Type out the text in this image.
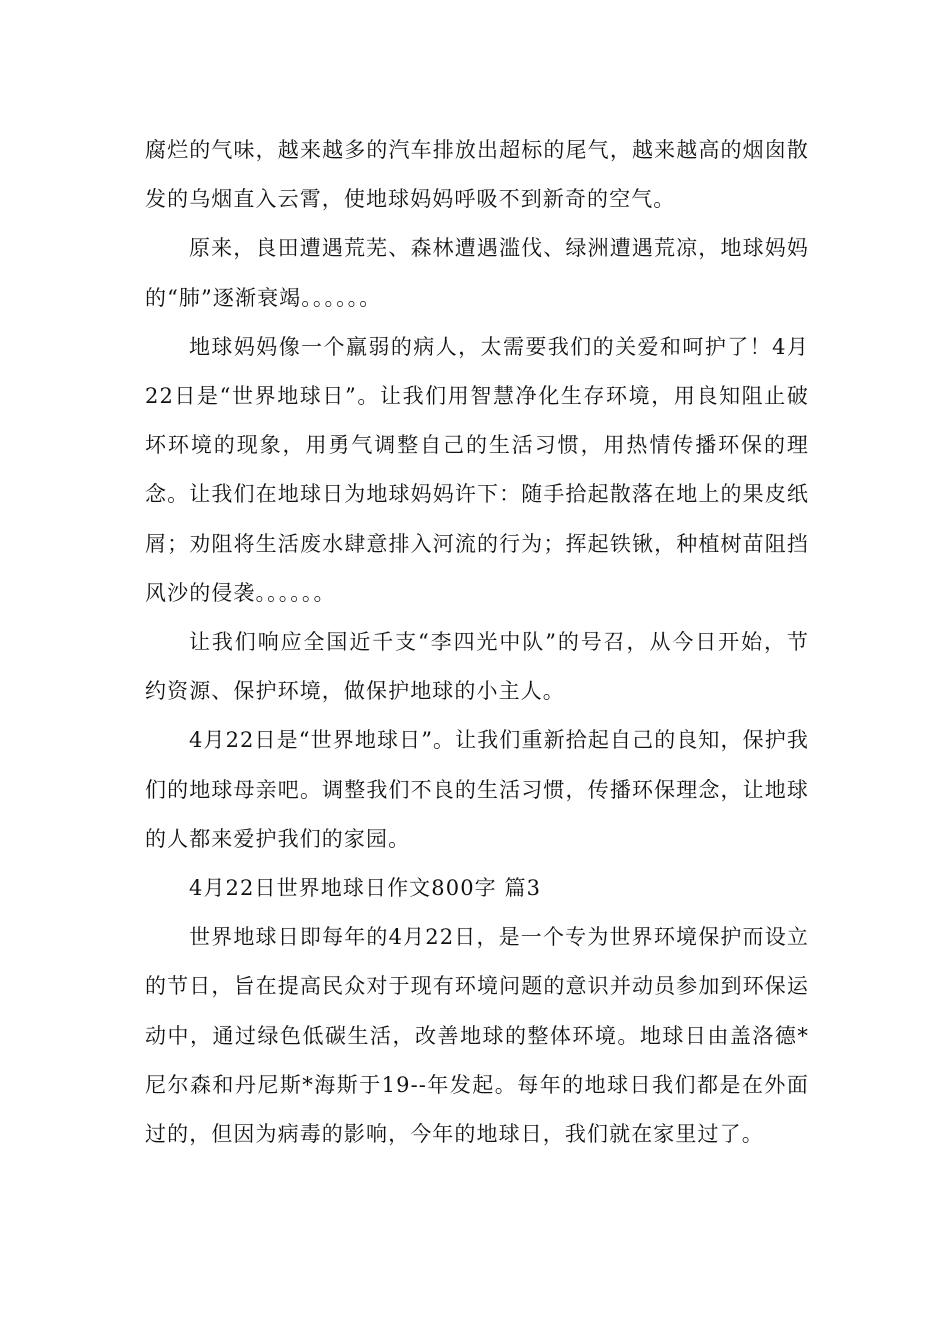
腐烂的气味，越来越多的汽车排放出超标的尾气，越来越高的烟囱散发的乌烟直入云霄，使地球妈妈呼吸不到新奇的空气。

原来，良田遭遇荒芜、森林遭遇滥伐、绿洲遭遇荒凉，地球妈妈的“肺”逐渐衰竭。。。。。。

地球妈妈像一个羸弱的病人，太需要我们的关爱和呵护了！4月22日是“世界地球日”。让我们用智慧净化生存环境，用良知阻止破坏环境的现象，用勇气调整自己的生活习惯，用热情传播环保的理念。让我们在地球日为地球妈妈许下：随手拾起散落在地上的果皮纸屑；劝阻将生活废水肆意排入河流的行为；挥起铁锹，种植树苗阻挡风沙的侵袭。。。。。。

让我们响应全国近千支“李四光中队”的号召，从今日开始，节约资源、保护环境，做保护地球的小主人。

4月22日是“世界地球日”。让我们重新拾起自己的良知，保护我们的地球母亲吧。调整我们不良的生活习惯，传播环保理念，让地球的人都来爱护我们的家园。

4月22日世界地球日作文800字 篇3

世界地球日即每年的4月22日，是一个专为世界环境保护而设立的节日，旨在提高民众对于现有环境问题的意识并动员参加到环保运动中，通过绿色低碳生活，改善地球的整体环境。地球日由盖洛德*尼尔森和丹尼斯*海斯于19--年发起。每年的地球日我们都是在外面过的，但因为病毒的影响，今年的地球日，我们就在家里过了。
